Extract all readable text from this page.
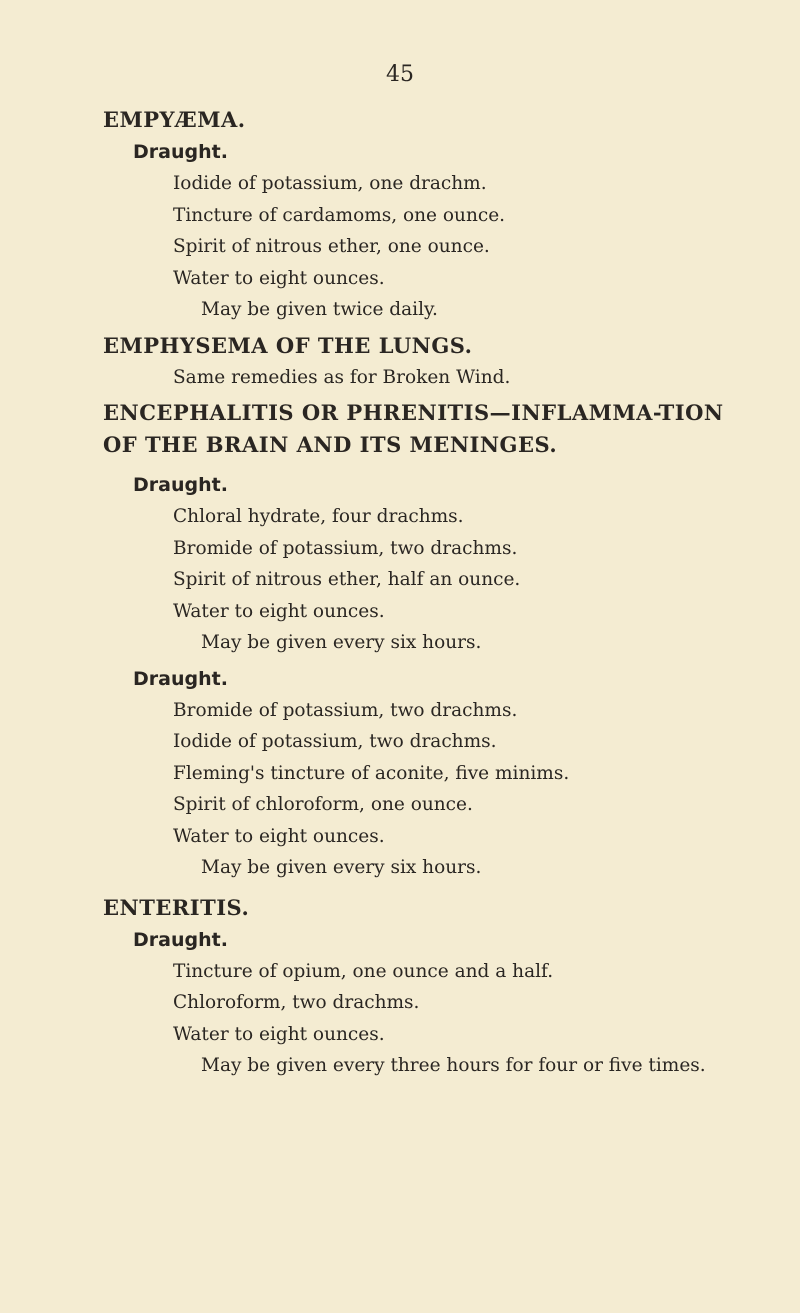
45
EMPYÆMA.
Draught.
Iodide of potassium, one drachm.
Tincture of cardamoms, one ounce.
Spirit of nitrous ether, one ounce.
Water to eight ounces.
May be given twice daily.
EMPHYSEMA OF THE LUNGS.
Same remedies as for Broken Wind.
ENCEPHALITIS OR PHRENITIS—INFLAMMA-TION OF THE BRAIN AND ITS MENINGES.
Draught.
Chloral hydrate, four drachms.
Bromide of potassium, two drachms.
Spirit of nitrous ether, half an ounce.
Water to eight ounces.
May be given every six hours.
Draught.
Bromide of potassium, two drachms.
Iodide of potassium, two drachms.
Fleming's tincture of aconite, five minims.
Spirit of chloroform, one ounce.
Water to eight ounces.
May be given every six hours.
ENTERITIS.
Draught.
Tincture of opium, one ounce and a half.
Chloroform, two drachms.
Water to eight ounces.
May be given every three hours for four or five times.
